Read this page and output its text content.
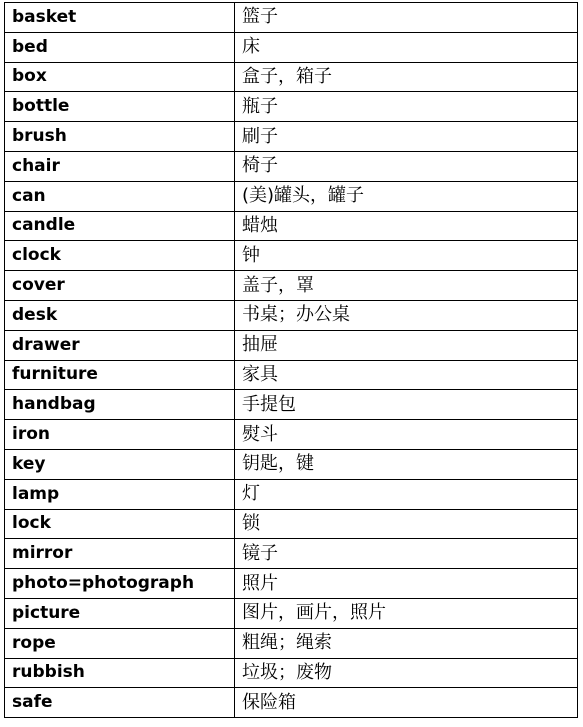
basket	篮子
bed	床
box	盒子，箱子
bottle	瓶子
brush	刷子
chair	椅子
can	(美)罐头，罐子
candle	蜡烛
clock	钟
cover	盖子，罩
desk	书桌；办公桌
drawer	抽屉
furniture	家具
handbag	手提包
iron	熨斗
key	钥匙，键
lamp	灯
lock	锁
mirror	镜子
photo=photograph	照片
picture	图片，画片，照片
rope	粗绳；绳索
rubbish	垃圾；废物
safe	保险箱
